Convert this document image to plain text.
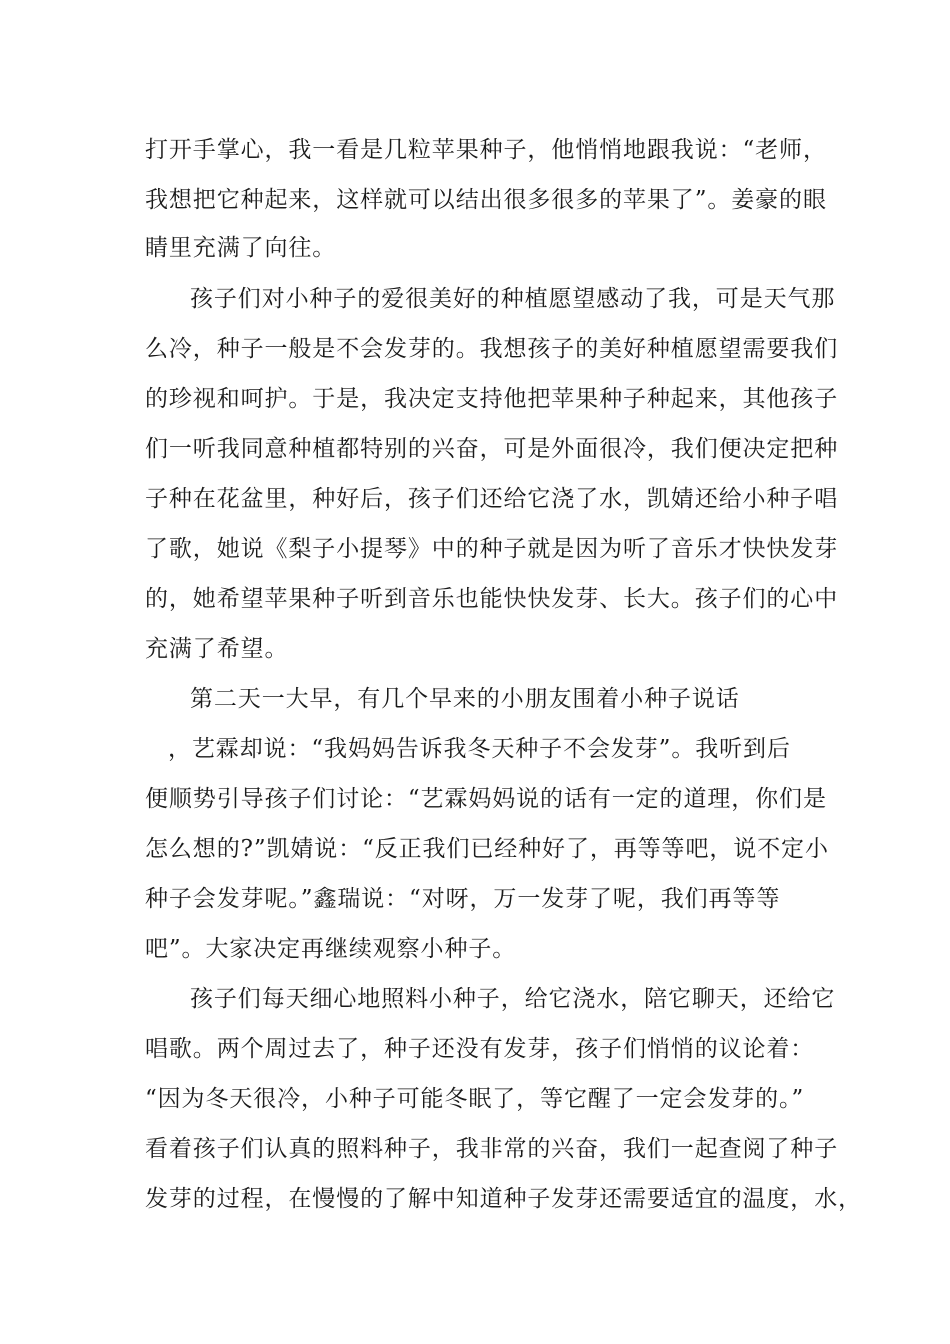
打开手掌心，我一看是几粒苹果种子，他悄悄地跟我说：“老师，
我想把它种起来，这样就可以结出很多很多的苹果了”。姜豪的眼
睛里充满了向往。
孩子们对小种子的爱很美好的种植愿望感动了我，可是天气那
么冷，种子一般是不会发芽的。我想孩子的美好种植愿望需要我们
的珍视和呵护。于是，我决定支持他把苹果种子种起来，其他孩子
们一听我同意种植都特别的兴奋，可是外面很冷，我们便决定把种
子种在花盆里，种好后，孩子们还给它浇了水，凯婧还给小种子唱
了歌，她说《梨子小提琴》中的种子就是因为听了音乐才快快发芽
的，她希望苹果种子听到音乐也能快快发芽、长大。孩子们的心中
充满了希望。
第二天一大早，有几个早来的小朋友围着小种子说话
，艺霖却说：“我妈妈告诉我冬天种子不会发芽”。我听到后
便顺势引导孩子们讨论：“艺霖妈妈说的话有一定的道理，你们是
怎么想的?”凯婧说：“反正我们已经种好了，再等等吧，说不定小
种子会发芽呢。”鑫瑞说：“对呀，万一发芽了呢，我们再等等
吧”。大家决定再继续观察小种子。
孩子们每天细心地照料小种子，给它浇水，陪它聊天，还给它
唱歌。两个周过去了，种子还没有发芽，孩子们悄悄的议论着：
“因为冬天很冷，小种子可能冬眠了，等它醒了一定会发芽的。”
看着孩子们认真的照料种子，我非常的兴奋，我们一起查阅了种子
发芽的过程，在慢慢的了解中知道种子发芽还需要适宜的温度，水，
